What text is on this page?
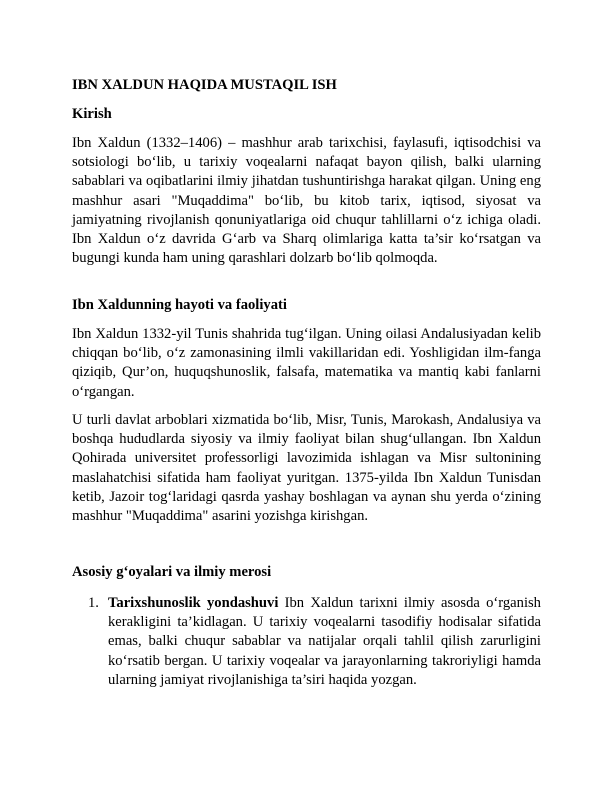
IBN XALDUN HAQIDA MUSTAQIL ISH
Kirish

Ibn Xaldun (1332–1406) – mashhur arab tarixchisi, faylasufi, iqtisodchisi va sotsiologi bo‘lib, u tarixiy voqealarni nafaqat bayon qilish, balki ularning sabablari va oqibatlarini ilmiy jihatdan tushuntirishga harakat qilgan. Uning eng mashhur asari "Muqaddima" bo‘lib, bu kitob tarix, iqtisod, siyosat va jamiyatning rivojlanish qonuniyatlariga oid chuqur tahlillarni o‘z ichiga oladi. Ibn Xaldun o‘z davrida G‘arb va Sharq olimlariga katta ta’sir ko‘rsatgan va bugungi kunda ham uning qarashlari dolzarb bo‘lib qolmoqda.

Ibn Xaldunning hayoti va faoliyati

Ibn Xaldun 1332-yil Tunis shahrida tug‘ilgan. Uning oilasi Andalusiyadan kelib chiqqan bo‘lib, o‘z zamonasining ilmli vakillaridan edi. Yoshligidan ilm-fanga qiziqib, Qur’on, huquqshunoslik, falsafa, matematika va mantiq kabi fanlarni o‘rgangan.

U turli davlat arboblari xizmatida bo‘lib, Misr, Tunis, Marokash, Andalusiya va boshqa hududlarda siyosiy va ilmiy faoliyat bilan shug‘ullangan. Ibn Xaldun Qohirada universitet professorligi lavozimida ishlagan va Misr sultonining maslahatchisi sifatida ham faoliyat yuritgan. 1375-yilda Ibn Xaldun Tunisdan ketib, Jazoir tog‘laridagi qasrda yashay boshlagan va aynan shu yerda o‘zining mashhur "Muqaddima" asarini yozishga kirishgan.

Asosiy g‘oyalari va ilmiy merosi
1. Tarixshunoslik yondashuvi Ibn Xaldun tarixni ilmiy asosda o‘rganish kerakligini ta’kidlagan. U tarixiy voqealarni tasodifiy hodisalar sifatida emas, balki chuqur sabablar va natijalar orqali tahlil qilish zarurligini ko‘rsatib bergan. U tarixiy voqealar va jarayonlarning takroriyligi hamda ularning jamiyat rivojlanishiga ta’siri haqida yozgan.
